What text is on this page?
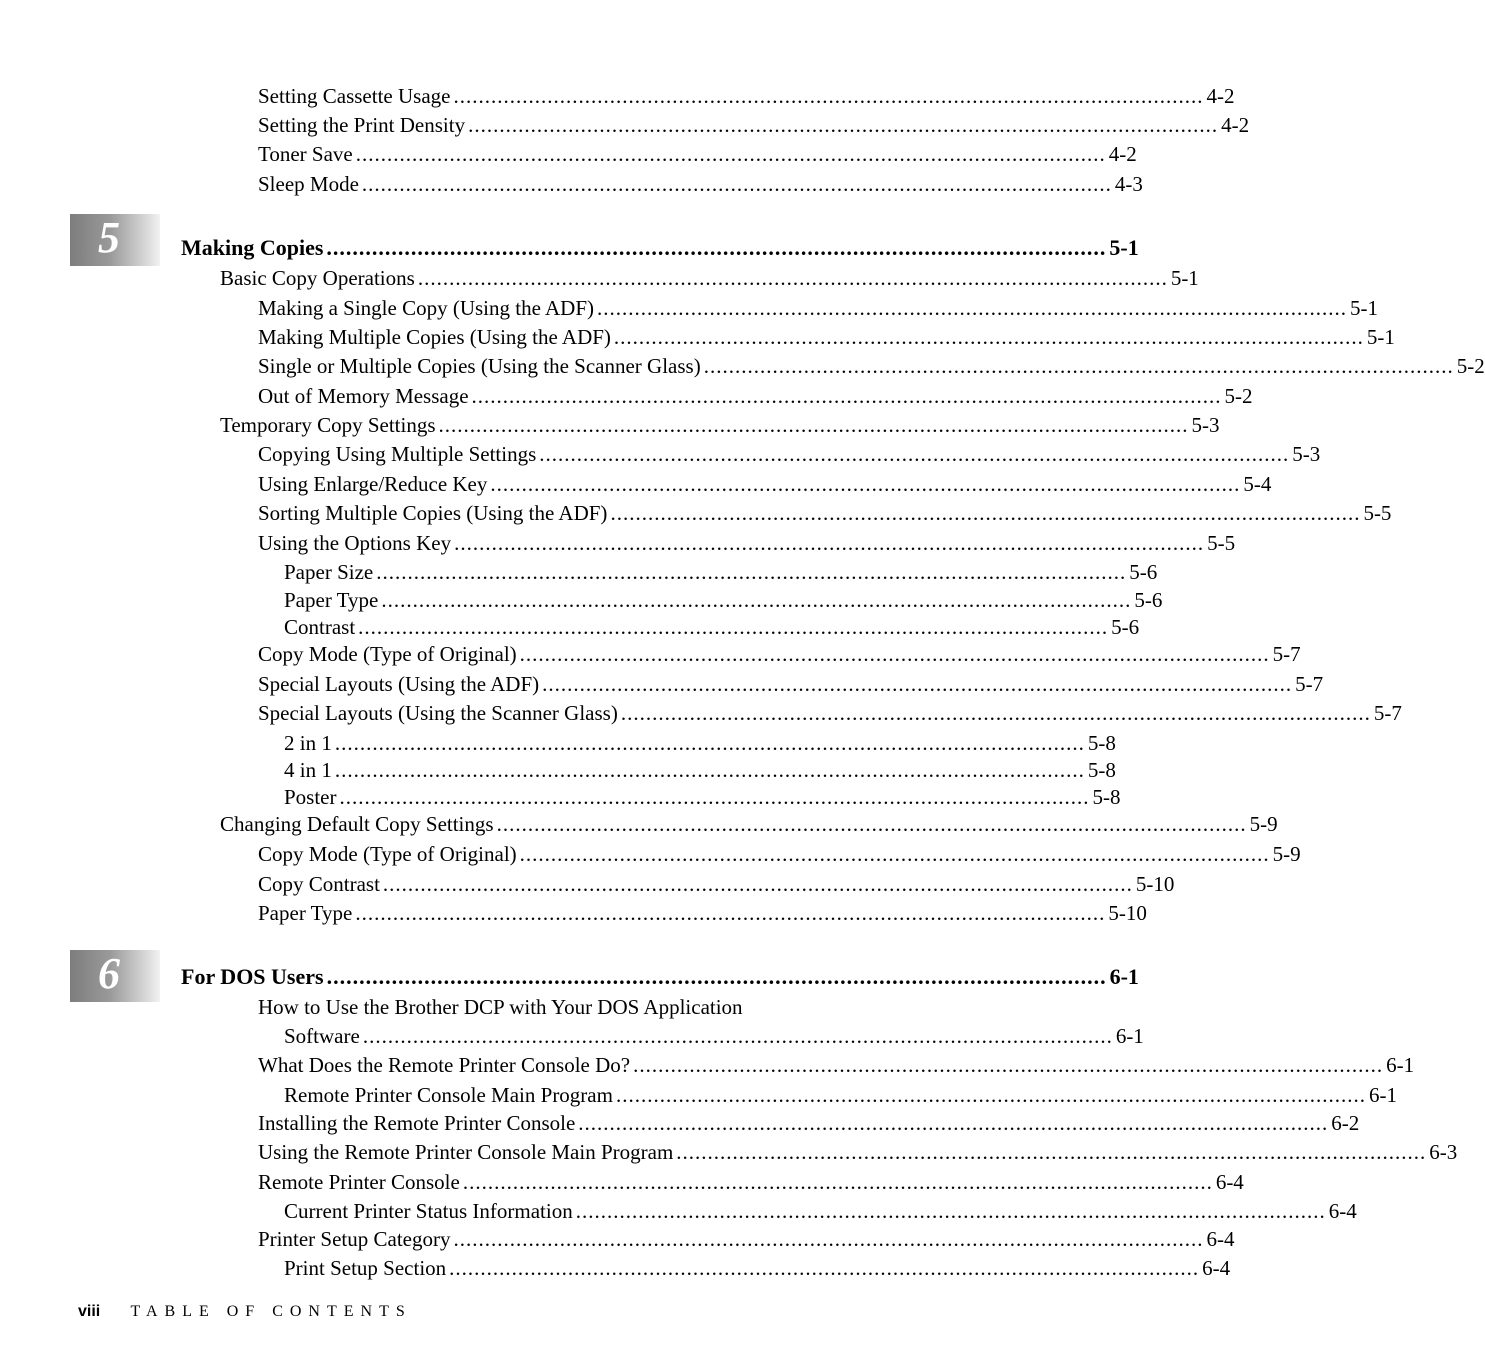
5
6
Setting Cassette Usage ........................................................................................................................ 4-2
Setting the Print Density ........................................................................................................................ 4-2
Toner Save ........................................................................................................................ 4-2
Sleep Mode ........................................................................................................................ 4-3
Making Copies ........................................................................................................................ 5-1
Basic Copy Operations ........................................................................................................................ 5-1
Making a Single Copy (Using the ADF) ........................................................................................................................ 5-1
Making Multiple Copies (Using the ADF) ........................................................................................................................ 5-1
Single or Multiple Copies (Using the Scanner Glass) ........................................................................................................................ 5-2
Out of Memory Message ........................................................................................................................ 5-2
Temporary Copy Settings ........................................................................................................................ 5-3
Copying Using Multiple Settings ........................................................................................................................ 5-3
Using Enlarge/Reduce Key ........................................................................................................................ 5-4
Sorting Multiple Copies (Using the ADF) ........................................................................................................................ 5-5
Using the Options Key ........................................................................................................................ 5-5
Paper Size ........................................................................................................................ 5-6
Paper Type ........................................................................................................................ 5-6
Contrast ........................................................................................................................ 5-6
Copy Mode (Type of Original) ........................................................................................................................ 5-7
Special Layouts (Using the ADF) ........................................................................................................................ 5-7
Special Layouts (Using the Scanner Glass) ........................................................................................................................ 5-7
2 in 1 ........................................................................................................................ 5-8
4 in 1 ........................................................................................................................ 5-8
Poster ........................................................................................................................ 5-8
Changing Default Copy Settings ........................................................................................................................ 5-9
Copy Mode (Type of Original) ........................................................................................................................ 5-9
Copy Contrast ........................................................................................................................ 5-10
Paper Type ........................................................................................................................ 5-10
For DOS Users ........................................................................................................................ 6-1
How to Use the Brother DCP with Your DOS Application
Software ........................................................................................................................ 6-1
What Does the Remote Printer Console Do? ........................................................................................................................ 6-1
Remote Printer Console Main Program ........................................................................................................................ 6-1
Installing the Remote Printer Console ........................................................................................................................ 6-2
Using the Remote Printer Console Main Program ........................................................................................................................ 6-3
Remote Printer Console ........................................................................................................................ 6-4
Current Printer Status Information ........................................................................................................................ 6-4
Printer Setup Category ........................................................................................................................ 6-4
Print Setup Section ........................................................................................................................ 6-4
viii TABLE OF CONTENTS
